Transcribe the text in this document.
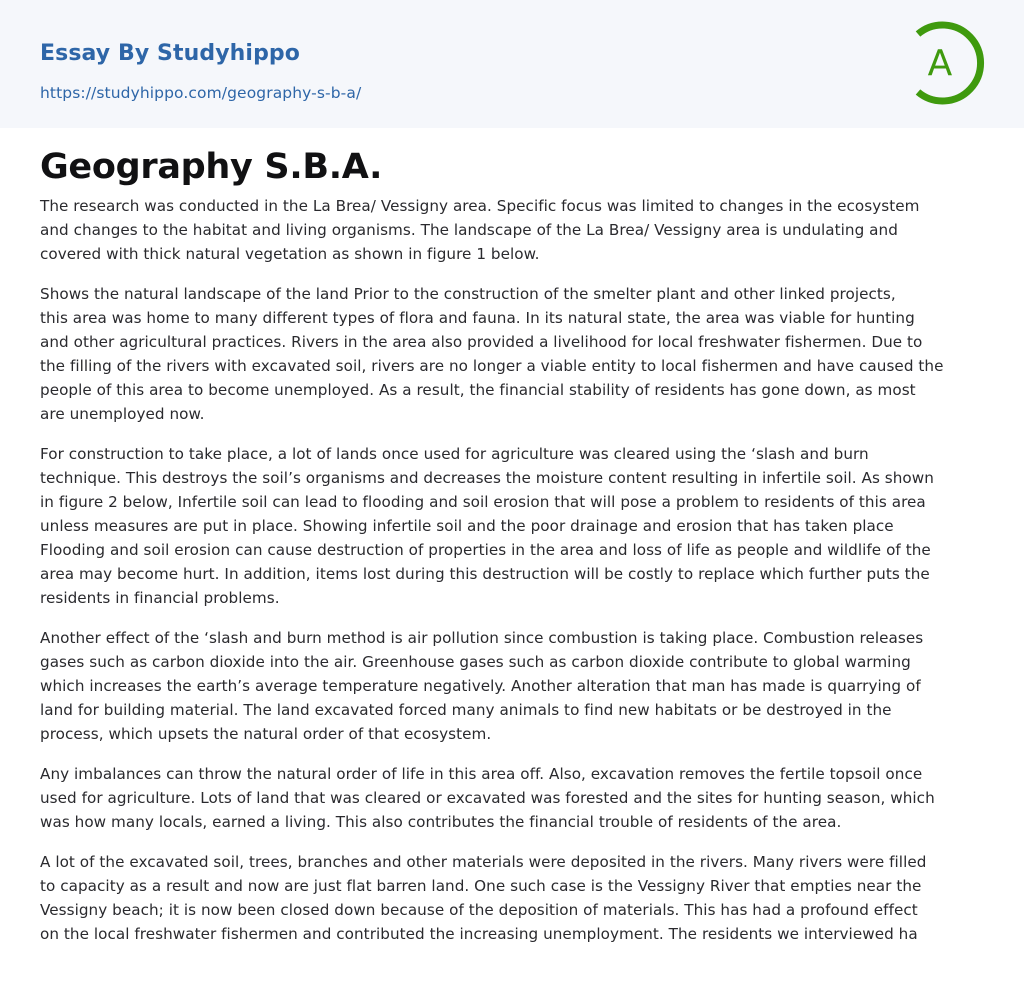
Essay By Studyhippo
https://studyhippo.com/geography-s-b-a/
A
Geography S.B.A.

The research was conducted in the La Brea/ Vessigny area. Specific focus was limited to changes in the ecosystem
and changes to the habitat and living organisms. The landscape of the La Brea/ Vessigny area is undulating and
covered with thick natural vegetation as shown in figure 1 below.

Shows the natural landscape of the land Prior to the construction of the smelter plant and other linked projects,
this area was home to many different types of flora and fauna. In its natural state, the area was viable for hunting
and other agricultural practices. Rivers in the area also provided a livelihood for local freshwater fishermen. Due to
the filling of the rivers with excavated soil, rivers are no longer a viable entity to local fishermen and have caused the
people of this area to become unemployed. As a result, the financial stability of residents has gone down, as most
are unemployed now.

For construction to take place, a lot of lands once used for agriculture was cleared using the ‘slash and burn
technique. This destroys the soil’s organisms and decreases the moisture content resulting in infertile soil. As shown
in figure 2 below, Infertile soil can lead to flooding and soil erosion that will pose a problem to residents of this area
unless measures are put in place. Showing infertile soil and the poor drainage and erosion that has taken place
Flooding and soil erosion can cause destruction of properties in the area and loss of life as people and wildlife of the
area may become hurt. In addition, items lost during this destruction will be costly to replace which further puts the
residents in financial problems.

Another effect of the ‘slash and burn method is air pollution since combustion is taking place. Combustion releases
gases such as carbon dioxide into the air. Greenhouse gases such as carbon dioxide contribute to global warming
which increases the earth’s average temperature negatively. Another alteration that man has made is quarrying of
land for building material. The land excavated forced many animals to find new habitats or be destroyed in the
process, which upsets the natural order of that ecosystem.

Any imbalances can throw the natural order of life in this area off. Also, excavation removes the fertile topsoil once
used for agriculture. Lots of land that was cleared or excavated was forested and the sites for hunting season, which
was how many locals, earned a living. This also contributes the financial trouble of residents of the area.

A lot of the excavated soil, trees, branches and other materials were deposited in the rivers. Many rivers were filled
to capacity as a result and now are just flat barren land. One such case is the Vessigny River that empties near the
Vessigny beach; it is now been closed down because of the deposition of materials. This has had a profound effect
on the local freshwater fishermen and contributed the increasing unemployment. The residents we interviewed ha
